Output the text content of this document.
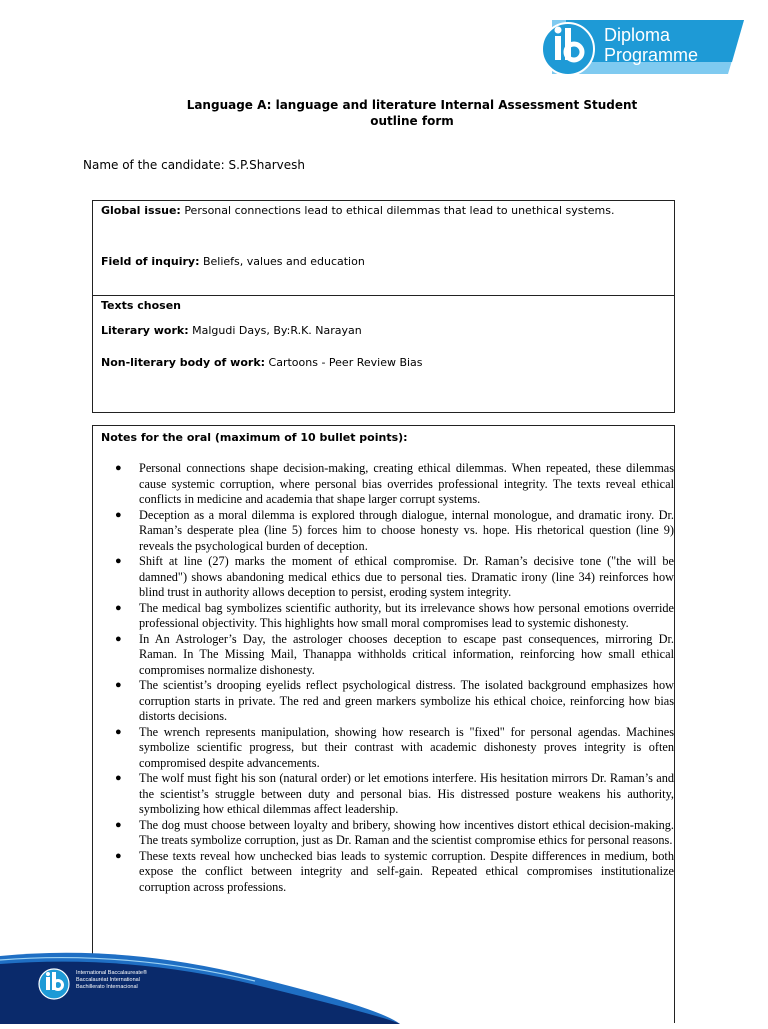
Diploma
Programme
Language A: language and literature Internal Assessment Student
outline form
Name of the candidate: S.P.Sharvesh
Global issue: Personal connections lead to ethical dilemmas that lead to unethical systems.
Field of inquiry: Beliefs, values and education
Texts chosen
Literary work: Malgudi Days, By:R.K. Narayan
Non-literary body of work: Cartoons - Peer Review Bias
Notes for the oral (maximum of 10 bullet points):
● Personal connections shape decision-making, creating ethical dilemmas. When repeated, these dilemmas cause systemic corruption, where personal bias overrides professional integrity. The texts reveal ethical conflicts in medicine and academia that shape larger corrupt systems.
● Deception as a moral dilemma is explored through dialogue, internal monologue, and dramatic irony. Dr. Raman’s desperate plea (line 5) forces him to choose honesty vs. hope. His rhetorical question (line 9) reveals the psychological burden of deception.
● Shift at line (27) marks the moment of ethical compromise. Dr. Raman’s decisive tone ("the will be damned") shows abandoning medical ethics due to personal ties. Dramatic irony (line 34) reinforces how blind trust in authority allows deception to persist, eroding system integrity.
● The medical bag symbolizes scientific authority, but its irrelevance shows how personal emotions override professional objectivity. This highlights how small moral compromises lead to systemic dishonesty.
● In An Astrologer’s Day, the astrologer chooses deception to escape past consequences, mirroring Dr. Raman. In The Missing Mail, Thanappa withholds critical information, reinforcing how small ethical compromises normalize dishonesty.
● The scientist’s drooping eyelids reflect psychological distress. The isolated background emphasizes how corruption starts in private. The red and green markers symbolize his ethical choice, reinforcing how bias distorts decisions.
● The wrench represents manipulation, showing how research is "fixed" for personal agendas. Machines symbolize scientific progress, but their contrast with academic dishonesty proves integrity is often compromised despite advancements.
● The wolf must fight his son (natural order) or let emotions interfere. His hesitation mirrors Dr. Raman’s and the scientist’s struggle between duty and personal bias. His distressed posture weakens his authority, symbolizing how ethical dilemmas affect leadership.
● The dog must choose between loyalty and bribery, showing how incentives distort ethical decision-making. The treats symbolize corruption, just as Dr. Raman and the scientist compromise ethics for personal reasons.
● These texts reveal how unchecked bias leads to systemic corruption. Despite differences in medium, both expose the conflict between integrity and self-gain. Repeated ethical compromises institutionalize corruption across professions.
International Baccalaureate®
Baccalauréat International
Bachillerato Internacional
